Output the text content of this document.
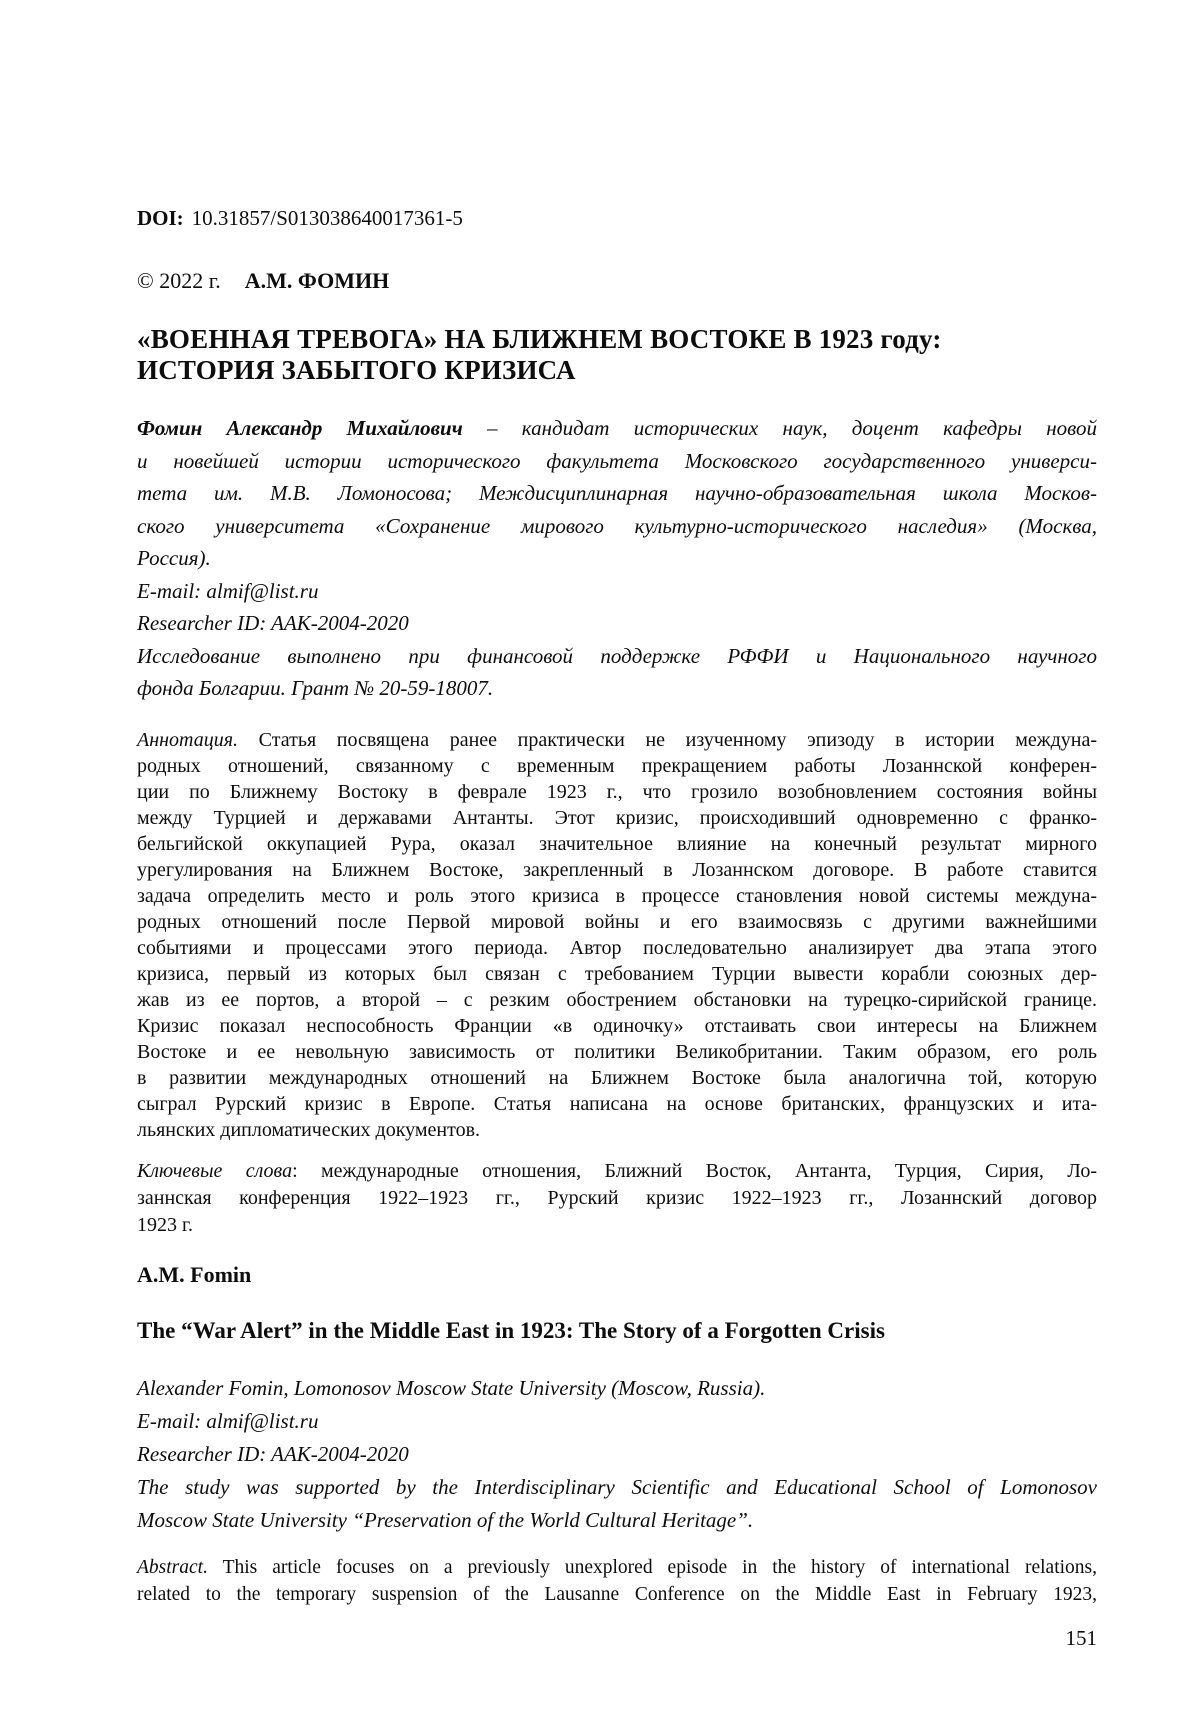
DOI: 10.31857/S013038640017361-5
© 2022 г. А.М. ФОМИН
«ВОЕННАЯ ТРЕВОГА» НА БЛИЖНЕМ ВОСТОКЕ В 1923 году:
ИСТОРИЯ ЗАБЫТОГО КРИЗИСА
Фомин Александр Михайлович – кандидат исторических наук, доцент кафедры новой
и новейшей истории исторического факультета Московского государственного универси-
тета им. М.В. Ломоносова; Междисциплинарная научно-образовательная школа Москов-
ского университета «Сохранение мирового культурно-исторического наследия» (Москва,
Россия).
E-mail: almif@list.ru
Researcher ID: AAK-2004-2020
Исследование выполнено при финансовой поддержке РФФИ и Национального научного
фонда Болгарии. Грант № 20-59-18007.
Аннотация. Статья посвящена ранее практически не изученному эпизоду в истории междуна-
родных отношений, связанному с временным прекращением работы Лозаннской конферен-
ции по Ближнему Востоку в феврале 1923 г., что грозило возобновлением состояния войны
между Турцией и державами Антанты. Этот кризис, происходивший одновременно с франко-
бельгийской оккупацией Рура, оказал значительное влияние на конечный результат мирного
урегулирования на Ближнем Востоке, закрепленный в Лозаннском договоре. В работе ставится
задача определить место и роль этого кризиса в процессе становления новой системы междуна-
родных отношений после Первой мировой войны и его взаимосвязь с другими важнейшими
событиями и процессами этого периода. Автор последовательно анализирует два этапа этого
кризиса, первый из которых был связан с требованием Турции вывести корабли союзных дер-
жав из ее портов, а второй – с резким обострением обстановки на турецко-сирийской границе.
Кризис показал неспособность Франции «в одиночку» отстаивать свои интересы на Ближнем
Востоке и ее невольную зависимость от политики Великобритании. Таким образом, его роль
в развитии международных отношений на Ближнем Востоке была аналогична той, которую
сыграл Рурский кризис в Европе. Статья написана на основе британских, французских и ита-
льянских дипломатических документов.
Ключевые слова: международные отношения, Ближний Восток, Антанта, Турция, Сирия, Ло-
заннская конференция 1922–1923 гг., Рурский кризис 1922–1923 гг., Лозаннский договор
1923 г.
A.M. Fomin
The “War Alert” in the Middle East in 1923: The Story of a Forgotten Crisis
Alexander Fomin, Lomonosov Moscow State University (Moscow, Russia).
E-mail: almif@list.ru
Researcher ID: AAK-2004-2020
The study was supported by the Interdisciplinary Scientific and Educational School of Lomonosov
Moscow State University “Preservation of the World Cultural Heritage”.
Abstract. This article focuses on a previously unexplored episode in the history of international relations,
related to the temporary suspension of the Lausanne Conference on the Middle East in February 1923,
151
